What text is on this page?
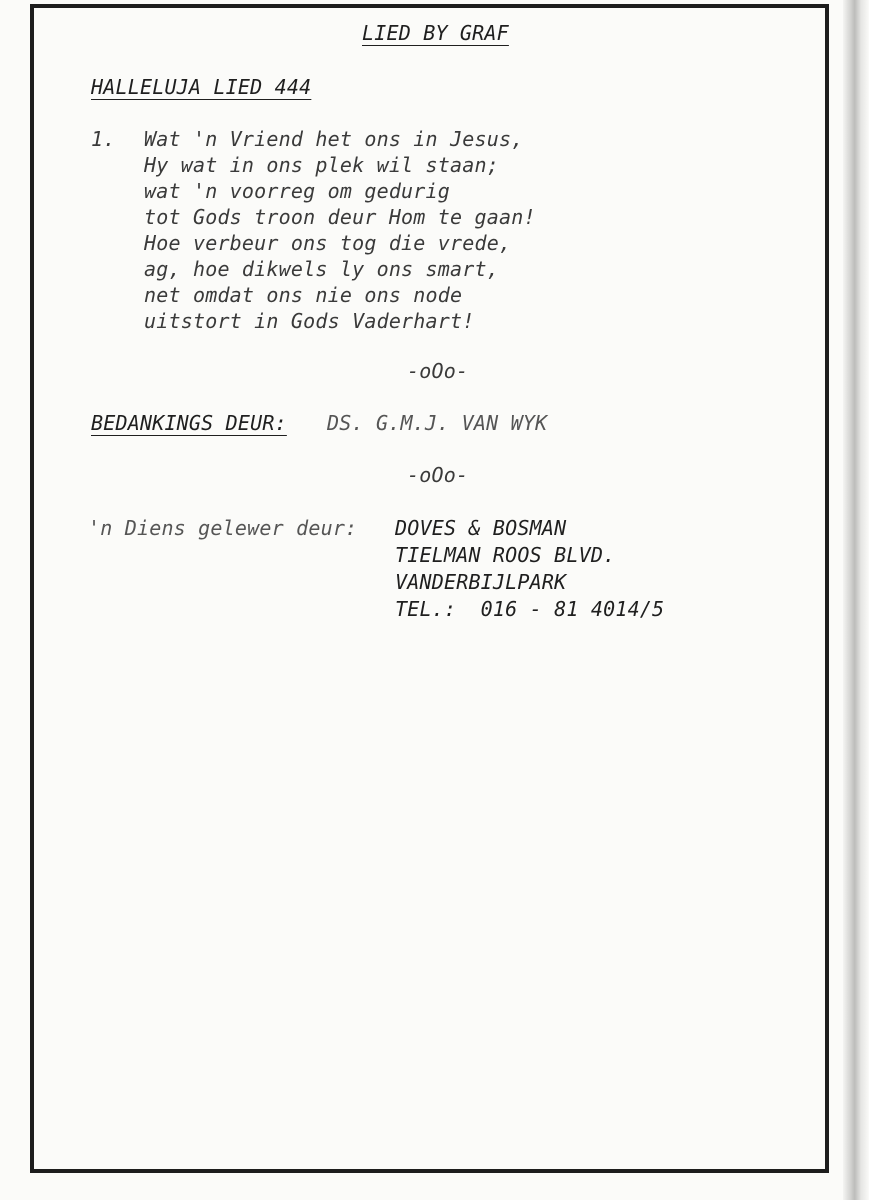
LIED BY GRAF
HALLELUJA LIED 444
1. Wat 'n Vriend het ons in Jesus,
Hy wat in ons plek wil staan;
wat 'n voorreg om gedurig
tot Gods troon deur Hom te gaan!
Hoe verbeur ons tog die vrede,
ag, hoe dikwels ly ons smart,
net omdat ons nie ons node
uitstort in Gods Vaderhart!
-oOo-
BEDANKINGS DEUR: DS. G.M.J. VAN WYK
-oOo-
'n Diens gelewer deur: DOVES & BOSMAN
TIELMAN ROOS BLVD.
VANDERBIJLPARK
TEL.:  016 - 81 4014/5
